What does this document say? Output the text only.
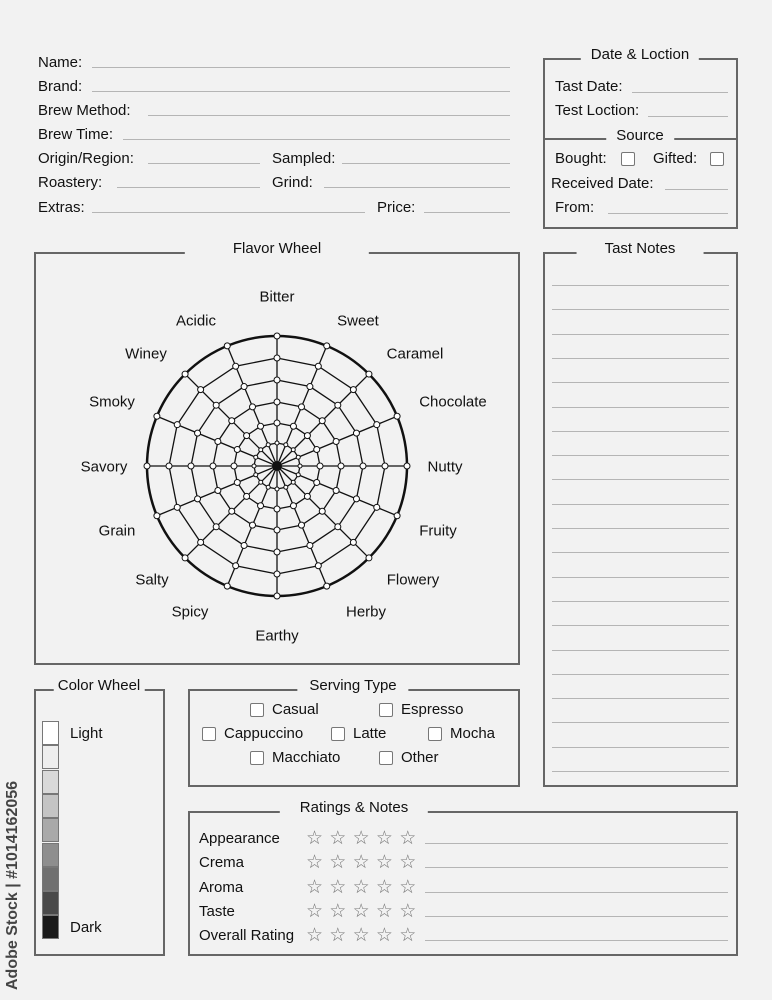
Name:
Brand:
Brew Method:
Brew Time:
Origin/Region:	Sampled:
Roastery:	Grind:
Extras:	Price:
Date & Loction
Tast Date:
Test Loction:
Source
Bought:	Gifted:
Received Date:
From:
Flavor Wheel
Bitter
Sweet
Caramel
Chocolate
Nutty
Fruity
Flowery
Herby
Earthy
Spicy
Salty
Grain
Savory
Smoky
Winey
Acidic
Tast Notes
Color Wheel
Light
Dark
Serving Type
Casual	Espresso
Cappuccino	Latte	Mocha
Macchiato	Other
Ratings & Notes
Appearance ☆ ☆ ☆ ☆ ☆
Crema	☆ ☆ ☆ ☆ ☆
Aroma	☆ ☆ ☆ ☆ ☆
Taste	☆ ☆ ☆ ☆ ☆
Overall Rating ☆ ☆ ☆ ☆ ☆
Adobe Stock | #1014162056
